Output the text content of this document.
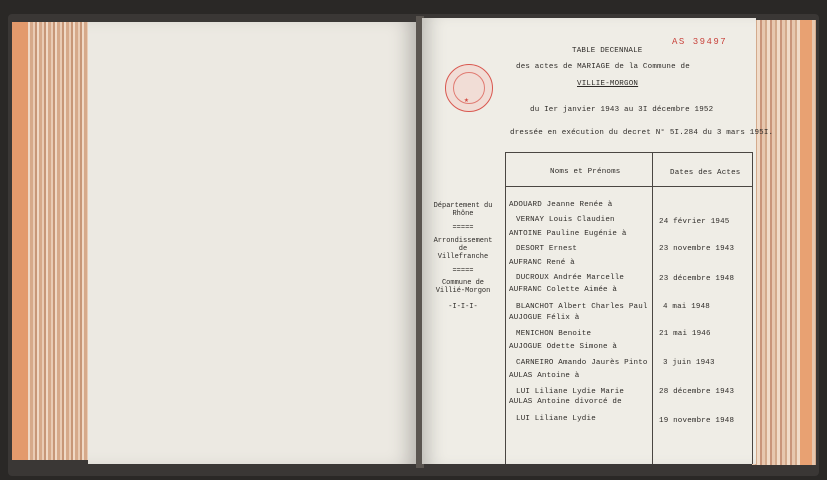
AS 39497
★
TABLE DECENNALE
des actes de MARIAGE de la Commune de
VILLIE-MORGON
du Ier janvier 1943 au 3I décembre 1952
dressée en exécution du decret N° 5I.284 du 3 mars 195I.
Noms et Prénoms	Dates des Actes
Département du
Rhône
=====
Arrondissement
de
Villefranche
=====
Commune de
Villié-Morgon
-I-I-I-
ADOUARD Jeanne Renée à
VERNAY Louis Claudien	24 février 1945
ANTOINE Pauline Eugénie à
DESORT Ernest	23 novembre 1943
AUFRANC René à
DUCROUX Andrée Marcelle	23 décembre 1948
AUFRANC Colette Aimée à
BLANCHOT Albert Charles Paul 4 mai 1948
AUJOGUE Félix à
MENICHON Benoite	21 mai 1946
AUJOGUE Odette Simone à
CARNEIRO Amando Jaurès Pinto 3 juin 1943
AULAS Antoine à
LUI Liliane Lydie Marie	28 décembre 1943
AULAS Antoine divorcé de
LUI Liliane Lydie	19 novembre 1948
